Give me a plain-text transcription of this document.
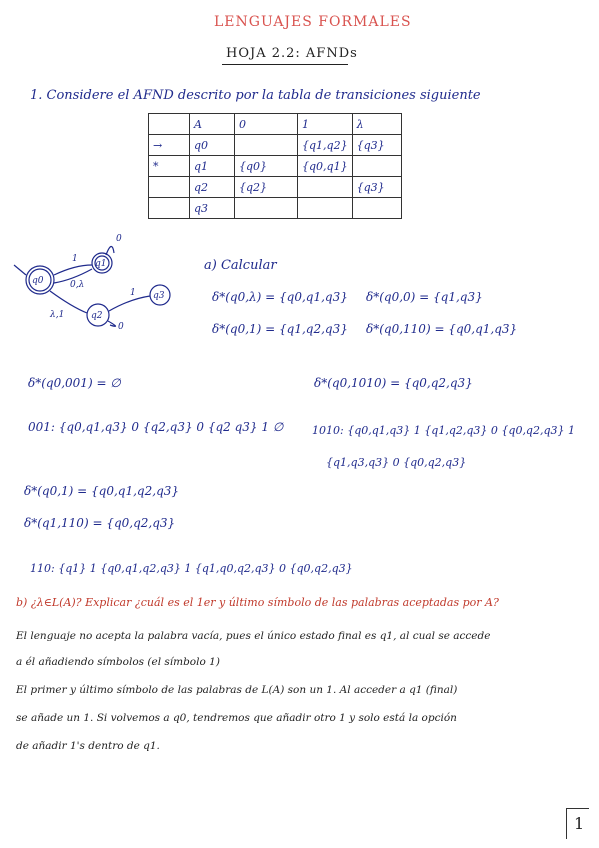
LENGUAJES FORMALES
HOJA 2.2: AFNDs
1. Considere el AFND descrito por la tabla de transiciones siguiente
	A	0	1	λ
→	q0		{q1,q2}	{q3}
*	q1	{q0}	{q0,q1}	
	q2	{q2}		{q3}
	q3			
q0
q1
q2
q3
1
0,λ
λ,1
1
0
0
a) Calcular
δ*(q0,λ) = {q0,q1,q3} δ*(q0,0) = {q1,q3}
δ*(q0,1) = {q1,q2,q3} δ*(q0,110) = {q0,q1,q3}
δ*(q0,001) = ∅	δ*(q0,1010) = {q0,q2,q3}
001: {q0,q1,q3} 0 {q2,q3} 0 {q2 q3} 1 ∅	1010: {q0,q1,q3} 1 {q1,q2,q3} 0 {q0,q2,q3} 1
{q1,q3,q3} 0 {q0,q2,q3}
δ*(q0,1) = {q0,q1,q2,q3}
δ*(q1,110) = {q0,q2,q3}
110: {q1} 1 {q0,q1,q2,q3} 1 {q1,q0,q2,q3} 0 {q0,q2,q3}
b) ¿λ∈L(A)? Explicar ¿cuál es el 1er y último símbolo de las palabras aceptadas por A?
El lenguaje no acepta la palabra vacía, pues el único estado final es q1, al cual se accede
a él añadiendo símbolos (el símbolo 1)
El primer y último símbolo de las palabras de L(A) son un 1. Al acceder a q1 (final)
se añade un 1. Si volvemos a q0, tendremos que añadir otro 1 y solo está la opción
de añadir 1's dentro de q1.
1
